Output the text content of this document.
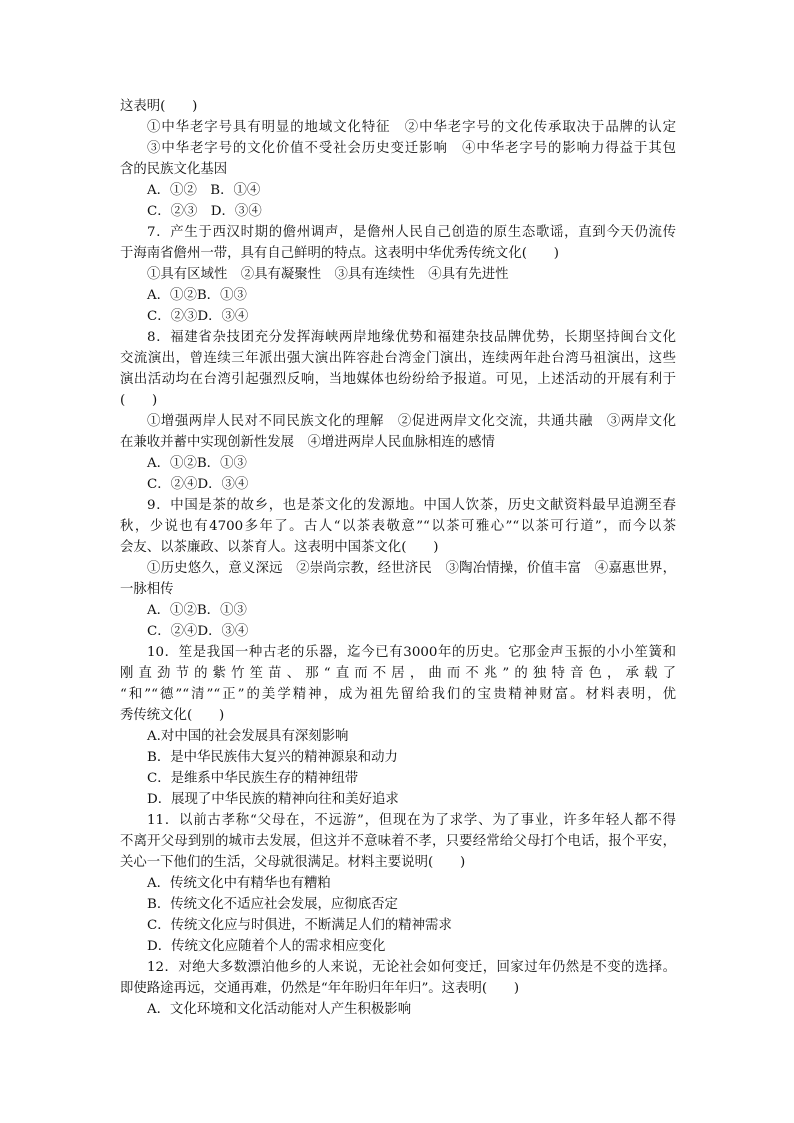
这表明(　　)
①中华老字号具有明显的地域文化特征　②中华老字号的文化传承取决于品牌的认定
③中华老字号的文化价值不受社会历史变迁影响　④中华老字号的影响力得益于其包
含的民族文化基因
A．①②　B．①④
C．②③　D．③④
7．产生于西汉时期的儋州调声，是儋州人民自己创造的原生态歌谣，直到今天仍流传
于海南省儋州一带，具有自己鲜明的特点。这表明中华优秀传统文化(　　)
①具有区域性　②具有凝聚性　③具有连续性　④具有先进性
A．①②B．①③
C．②③D．③④
8．福建省杂技团充分发挥海峡两岸地缘优势和福建杂技品牌优势，长期坚持闽台文化
交流演出，曾连续三年派出强大演出阵容赴台湾金门演出，连续两年赴台湾马祖演出，这些
演出活动均在台湾引起强烈反响，当地媒体也纷纷给予报道。可见，上述活动的开展有利于
(　　)
①增强两岸人民对不同民族文化的理解　②促进两岸文化交流，共通共融　③两岸文化
在兼收并蓄中实现创新性发展　④增进两岸人民血脉相连的感情
A．①②B．①③
C．②④D．③④
9．中国是茶的故乡，也是茶文化的发源地。中国人饮茶，历史文献资料最早追溯至春
秋，少说也有4700多年了。古人“以茶表敬意”“以茶可雅心”“以茶可行道”，而今以茶
会友、以茶廉政、以茶育人。这表明中国茶文化(　　)
①历史悠久，意义深远　②崇尚宗教，经世济民　③陶冶情操，价值丰富　④嘉惠世界，
一脉相传
A．①②B．①③
C．②④D．③④
10．笙是我国一种古老的乐器，迄今已有3000年的历史。它那金声玉振的小小笙簧和
刚直劲节的紫竹笙苗、那“直而不居，曲而不兆”的独特音色，承载了
“和”“德”“清”“正”的美学精神，成为祖先留给我们的宝贵精神财富。材料表明，优
秀传统文化(　　)
A.对中国的社会发展具有深刻影响
B．是中华民族伟大复兴的精神源泉和动力
C．是维系中华民族生存的精神纽带
D．展现了中华民族的精神向往和美好追求
11．以前古孝称“父母在，不远游”，但现在为了求学、为了事业，许多年轻人都不得
不离开父母到别的城市去发展，但这并不意味着不孝，只要经常给父母打个电话，报个平安，
关心一下他们的生活，父母就很满足。材料主要说明(　　)
A．传统文化中有精华也有糟粕
B．传统文化不适应社会发展，应彻底否定
C．传统文化应与时俱进，不断满足人们的精神需求
D．传统文化应随着个人的需求相应变化
12．对绝大多数漂泊他乡的人来说，无论社会如何变迁，回家过年仍然是不变的选择。
即使路途再远，交通再难，仍然是“年年盼归年年归”。这表明(　　)
A．文化环境和文化活动能对人产生积极影响
